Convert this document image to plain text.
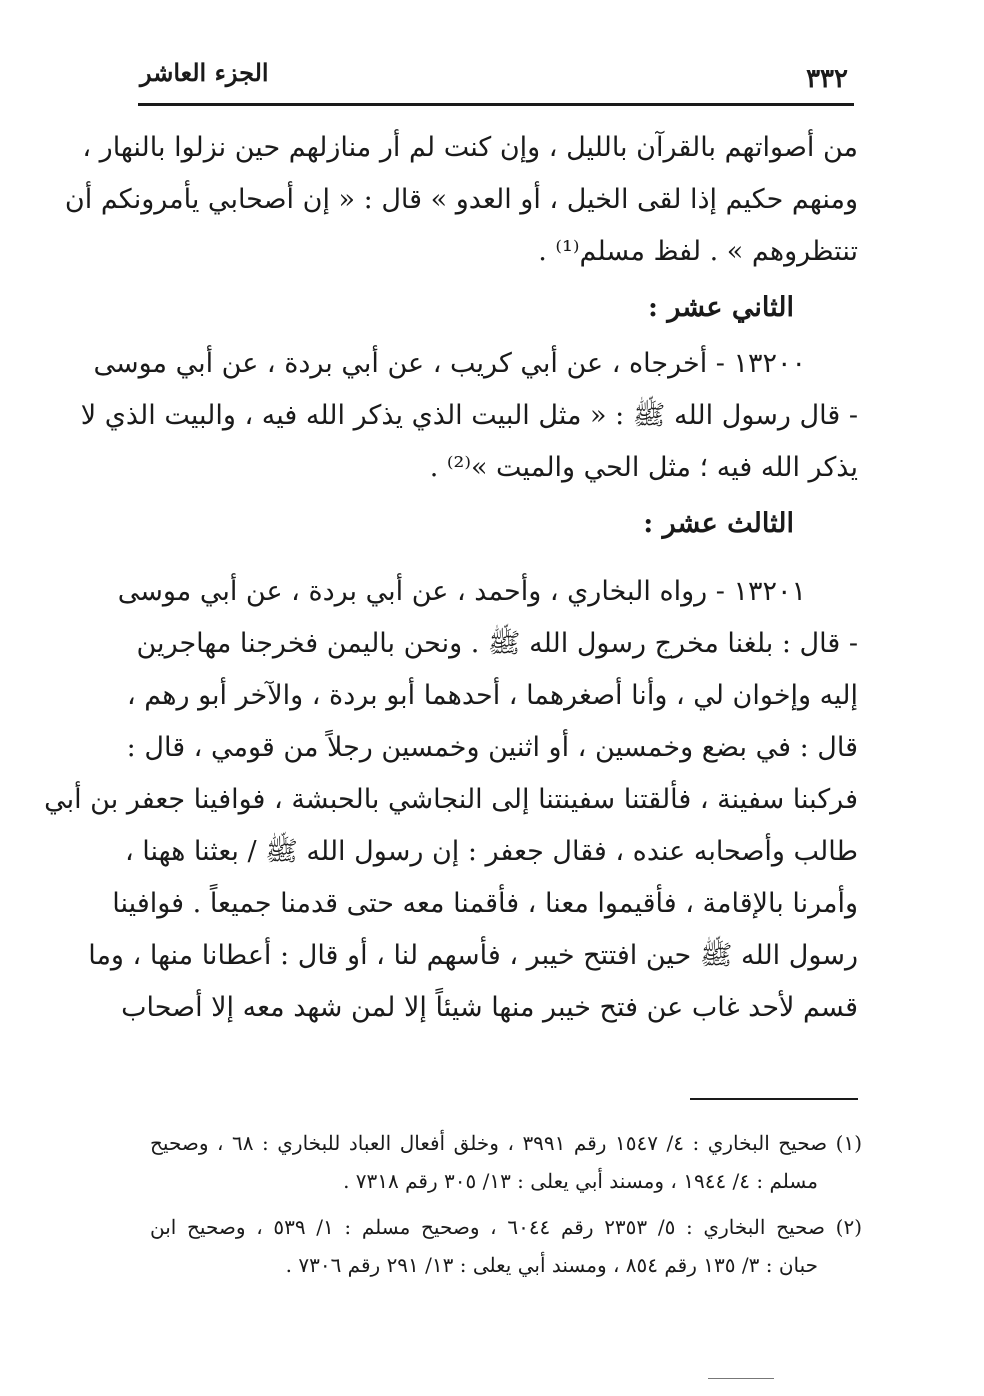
الجزء العاشر	٣٣٢
من أصواتهم بالقرآن بالليل ، وإن كنت لم أر منازلهم حين نزلوا بالنهار ،
ومنهم حكيم إذا لقى الخيل ، أو العدو » قال : « إن أصحابي يأمرونكم أن
تنتظروهم » . لفظ مسلم⁽¹⁾ .
الثاني عشر :
١٣٢٠٠ - أخرجاه ، عن أبي كريب ، عن أبي بردة ، عن أبي موسى
- قال رسول الله ﷺ : « مثل البيت الذي يذكر الله فيه ، والبيت الذي لا
يذكر الله فيه ؛ مثل الحي والميت »⁽²⁾ .
الثالث عشر :
١٣٢٠١ - رواه البخاري ، وأحمد ، عن أبي بردة ، عن أبي موسى
- قال : بلغنا مخرج رسول الله ﷺ . ونحن باليمن فخرجنا مهاجرين
إليه وإخوان لي ، وأنا أصغرهما ، أحدهما أبو بردة ، والآخر أبو رهم ،
قال : في بضع وخمسين ، أو اثنين وخمسين رجلاً من قومي ، قال :
فركبنا سفينة ، فألقتنا سفينتنا إلى النجاشي بالحبشة ، فوافينا جعفر بن أبي
طالب وأصحابه عنده ، فقال جعفر : إن رسول الله ﷺ / بعثنا ههنا ،
وأمرنا بالإقامة ، فأقيموا معنا ، فأقمنا معه حتى قدمنا جميعاً . فوافينا
رسول الله ﷺ حين افتتح خيبر ، فأسهم لنا ، أو قال : أعطانا منها ، وما
قسم لأحد غاب عن فتح خيبر منها شيئاً إلا لمن شهد معه إلا أصحاب
(١) صحيح البخاري : ٤/ ١٥٤٧ رقم ٣٩٩١ ، وخلق أفعال العباد للبخاري : ٦٨ ، وصحيح
مسلم : ٤/ ١٩٤٤ ، ومسند أبي يعلى : ١٣/ ٣٠٥ رقم ٧٣١٨ .
(٢) صحيح البخاري : ٥/ ٢٣٥٣ رقم ٦٠٤٤ ، وصحيح مسلم : ١/ ٥٣٩ ، وصحيح ابن
حبان : ٣/ ١٣٥ رقم ٨٥٤ ، ومسند أبي يعلى : ١٣/ ٢٩١ رقم ٧٣٠٦ .
